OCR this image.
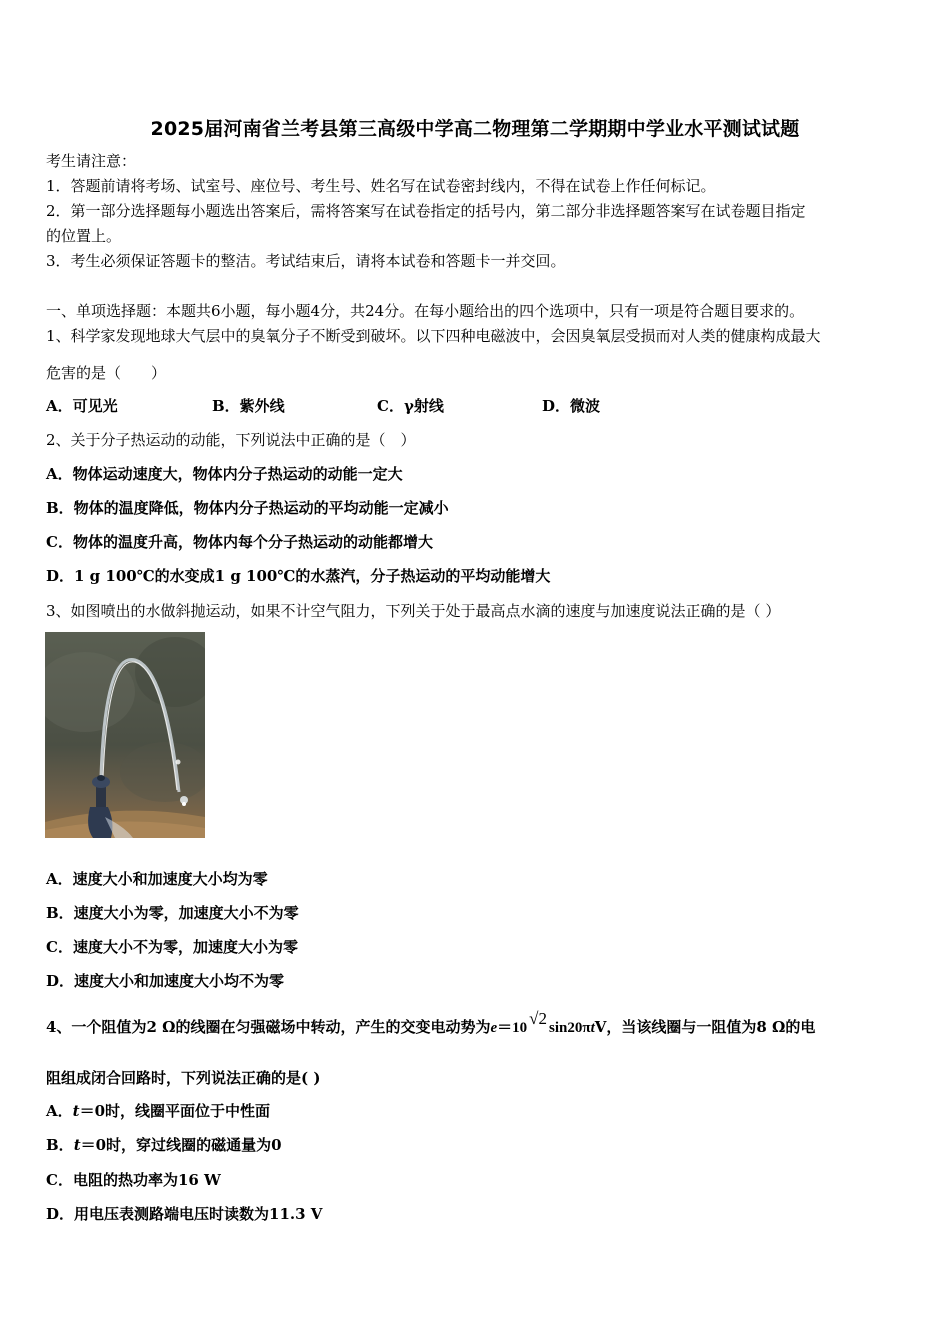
2025届河南省兰考县第三高级中学高二物理第二学期期中学业水平测试试题
考生请注意：
1．答题前请将考场、试室号、座位号、考生号、姓名写在试卷密封线内，不得在试卷上作任何标记。
2．第一部分选择题每小题选出答案后，需将答案写在试卷指定的括号内，第二部分非选择题答案写在试卷题目指定
的位置上。
3．考生必须保证答题卡的整洁。考试结束后，请将本试卷和答题卡一并交回。
一、单项选择题：本题共6小题，每小题4分，共24分。在每小题给出的四个选项中，只有一项是符合题目要求的。
1、科学家发现地球大气层中的臭氧分子不断受到破坏。以下四种电磁波中，会因臭氧层受损而对人类的健康构成最大
危害的是（　　）
A．可见光	B．紫外线	C．γ射线	D．微波
2、关于分子热运动的动能，下列说法中正确的是（　）
A．物体运动速度大，物体内分子热运动的动能一定大
B．物体的温度降低，物体内分子热运动的平均动能一定减小
C．物体的温度升高，物体内每个分子热运动的动能都增大
D．1 g 100℃的水变成1 g 100℃的水蒸汽，分子热运动的平均动能增大
3、如图喷出的水做斜抛运动，如果不计空气阻力，下列关于处于最高点水滴的速度与加速度说法正确的是（ ）
A．速度大小和加速度大小均为零
B．速度大小为零，加速度大小不为零
C．速度大小不为零，加速度大小为零
D．速度大小和加速度大小均不为零
4、一个阻值为2 Ω的线圈在匀强磁场中转动，产生的交变电动势为e＝10 √2 sin20πtV，当该线圈与一阻值为8 Ω的电
阻组成闭合回路时，下列说法正确的是( )
A．t＝0时，线圈平面位于中性面
B．t＝0时，穿过线圈的磁通量为0
C．电阻的热功率为16 W
D．用电压表测路端电压时读数为11.3 V
